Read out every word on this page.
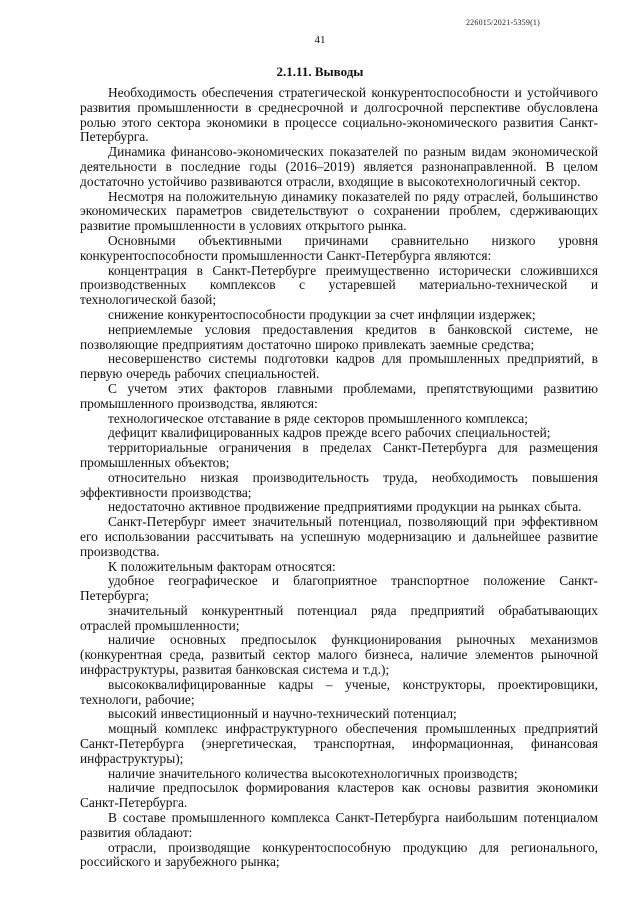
226015/2021-5359(1)
41
2.1.11. Выводы

Необходимость обеспечения стратегической конкурентоспособности и устойчивого развития промышленности в среднесрочной и долгосрочной перспективе обусловлена ролью этого сектора экономики в процессе социально-экономического развития Санкт-Петербурга.

Динамика финансово-экономических показателей по разным видам экономической деятельности в последние годы (2016–2019) является разнонаправленной. В целом достаточно устойчиво развиваются отрасли, входящие в высокотехнологичный сектор.

Несмотря на положительную динамику показателей по ряду отраслей, большинство экономических параметров свидетельствуют о сохранении проблем, сдерживающих развитие промышленности в условиях открытого рынка.

Основными объективными причинами сравнительно низкого уровня конкурентоспособности промышленности Санкт-Петербурга являются:

концентрация в Санкт-Петербурге преимущественно исторически сложившихся производственных комплексов с устаревшей материально-технической и технологической базой;

снижение конкурентоспособности продукции за счет инфляции издержек;

неприемлемые условия предоставления кредитов в банковской системе, не позволяющие предприятиям достаточно широко привлекать заемные средства;

несовершенство системы подготовки кадров для промышленных предприятий, в первую очередь рабочих специальностей.

С учетом этих факторов главными проблемами, препятствующими развитию промышленного производства, являются:

технологическое отставание в ряде секторов промышленного комплекса;

дефицит квалифицированных кадров прежде всего рабочих специальностей;

территориальные ограничения в пределах Санкт-Петербурга для размещения промышленных объектов;

относительно низкая производительность труда, необходимость повышения эффективности производства;

недостаточно активное продвижение предприятиями продукции на рынках сбыта.

Санкт-Петербург имеет значительный потенциал, позволяющий при эффективном его использовании рассчитывать на успешную модернизацию и дальнейшее развитие производства.

К положительным факторам относятся:

удобное географическое и благоприятное транспортное положение Санкт-Петербурга;

значительный конкурентный потенциал ряда предприятий обрабатывающих отраслей промышленности;

наличие основных предпосылок функционирования рыночных механизмов (конкурентная среда, развитый сектор малого бизнеса, наличие элементов рыночной инфраструктуры, развитая банковская система и т.д.);

высококвалифицированные кадры – ученые, конструкторы, проектировщики, технологи, рабочие;

высокий инвестиционный и научно-технический потенциал;

мощный комплекс инфраструктурного обеспечения промышленных предприятий Санкт-Петербурга (энергетическая, транспортная, информационная, финансовая инфраструктуры);

наличие значительного количества высокотехнологичных производств;

наличие предпосылок формирования кластеров как основы развития экономики Санкт-Петербурга.

В составе промышленного комплекса Санкт-Петербурга наибольшим потенциалом развития обладают:

отрасли, производящие конкурентоспособную продукцию для регионального, российского и зарубежного рынка;
